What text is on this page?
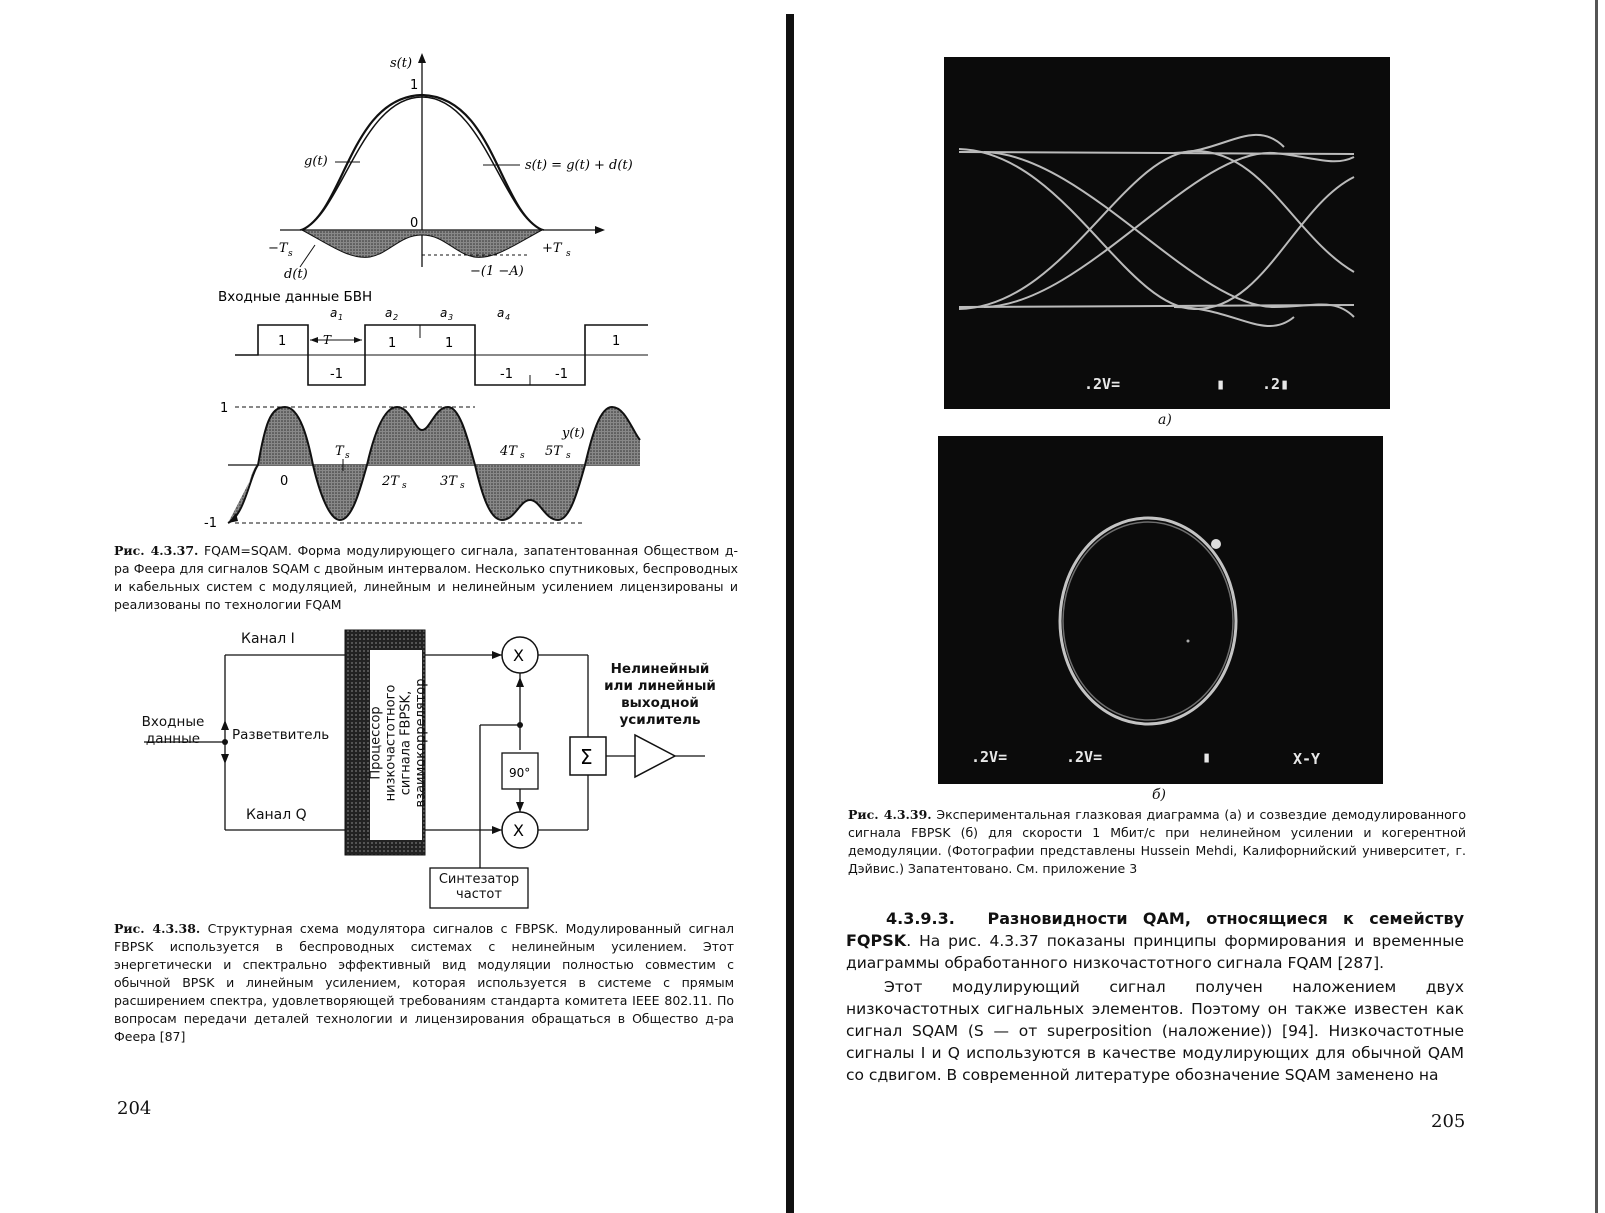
s(t)
1
0
g(t)	s(t) = g(t) + d(t)
−T s	+T s
d(t)	−(1 −A)
Входные данные БВН
a 1	a 2	a 3	a 4
T
1
-1
1	1
-1	-1
1
1
-1
y(t)
T s	4T s 5T s
0	2T s	3T s
Рис. 4.3.37. FQAM=SQAM. Форма модулирующего сигнала, запатентованная Обществом д-ра Феера для сигналов SQAM с двойным интервалом. Несколько спутниковых, беспроводных и кабельных систем с модуляцией, линейным и нелинейным усилением лицензированы и реализованы по технологии FQAM
X
X
90°
Σ
Канал I
Канал Q
Входные данные	Разветвитель	Процессор низкочастотного сигнала FBPSK, взаимокоррелятор
Нелинейный или линейный выходной усилитель
Синтезатор частот
Рис. 4.3.38. Структурная схема модулятора сигналов с FBPSK. Модулированный сигнал FBPSK используется в беспроводных системах с нелинейным усилением. Этот энергетически и спектрально эффективный вид модуляции полностью совместим с обычной BPSK и линейным усилением, которая используется в системе с прямым расширением спектра, удовлетворяющей требованиям стандарта комитета IEEE 802.11. По вопросам передачи деталей технологии и лицензирования обращаться в Общество д-ра Феера [87]
204
.2V=	▮ .2▮
а)
.2V=	.2V=	▮	X-Y
б)
Рис. 4.3.39. Экспериментальная глазковая диаграмма (а) и созвездие демодулированного сигнала FBPSK (б) для скорости 1 Мбит/с при нелинейном усилении и когерентной демодуляции. (Фотографии представлены Hussein Mehdi, Калифорнийский университет, г. Дэйвис.) Запатентовано. См. приложение 3
4.3.9.3. Разновидности QAM, относящиеся к семейству FQPSK. На рис. 4.3.37 показаны принципы формирования и временные диаграммы обработанного низкочастотного сигнала FQAM [287].
Этот модулирующий сигнал получен наложением двух низкочастотных сигнальных элементов. Поэтому он также известен как сигнал SQAM (S — от superposition (наложение)) [94]. Низкочастотные сигналы I и Q используются в качестве модулирующих для обычной QAM со сдвигом. В современной литературе обозначение SQAM заменено на
205
